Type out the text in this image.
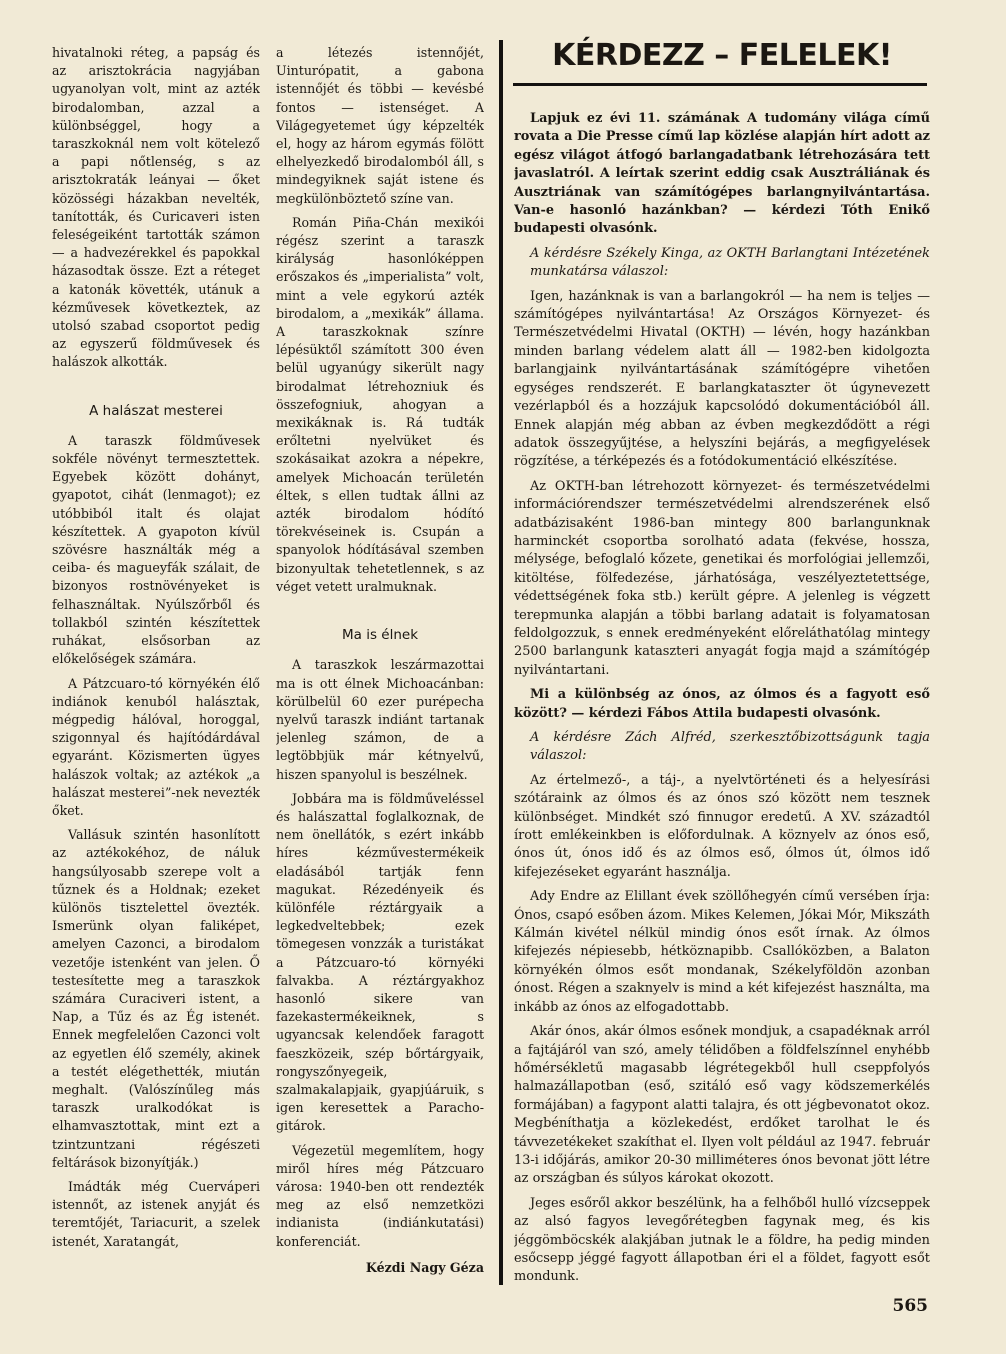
hivatalnoki réteg, a papság és az arisztokrácia nagyjában ugyanolyan volt, mint az azték birodalomban, azzal a különbséggel, hogy a taraszkoknál nem volt kötelező a papi nőtlenség, s az arisztokraták leányai — őket közösségi házakban nevelték, tanították, és Curicaveri isten feleségeiként tartották számon — a hadvezérekkel és papokkal házasodtak össze. Ezt a réteget a katonák követték, utánuk a kézművesek következtek, az utolsó szabad csoportot pedig az egyszerű földművesek és halászok alkották.

A halászat mesterei

A taraszk földművesek sokféle növényt termesztettek. Egyebek között dohányt, gyapotot, cihát (lenmagot); ez utóbbiból italt és olajat készítettek. A gyapoton kívül szövésre használták még a ceiba- és magueyfák szálait, de bizonyos rostnövényeket is felhasználtak. Nyúlszőrből és tollakból szintén készítettek ruhákat, elsősorban az előkelőségek számára.

A Pátzcuaro-tó környékén élő indiánok kenuból halásztak, mégpedig hálóval, horoggal, szigonnyal és hajítódárdával egyaránt. Közismerten ügyes halászok voltak; az aztékok „a halászat mesterei”-nek nevezték őket.

Vallásuk szintén hasonlított az aztékokéhoz, de náluk hangsúlyosabb szerepe volt a tűznek és a Holdnak; ezeket különös tisztelettel övezték. Ismerünk olyan faliképet, amelyen Cazonci, a birodalom vezetője istenként van jelen. Ő testesítette meg a taraszkok számára Curaciveri istent, a Nap, a Tűz és az Ég istenét. Ennek megfelelően Cazonci volt az egyetlen élő személy, akinek a testét elégethették, miután meghalt. (Valószínűleg más taraszk uralkodókat is elhamvasztottak, mint ezt a tzintzuntzani régészeti feltárások bizonyítják.)

Imádták még Cuerváperi istennőt, az istenek anyját és teremtőjét, Tariacurit, a szelek istenét, Xaratangát,

a létezés istennőjét, Uinturópatit, a gabona istennőjét és többi — kevésbé fontos — istenséget. A Világegyetemet úgy képzelték el, hogy az három egymás fölött elhelyezkedő birodalomból áll, s mindegyiknek saját istene és megkülönböztető színe van.

Román Piña-Chán mexikói régész szerint a taraszk királyság hasonlóképpen erőszakos és „imperialista” volt, mint a vele egykorú azték birodalom, a „mexikák” állama. A taraszkoknak színre lépésüktől számított 300 éven belül ugyanúgy sikerült nagy birodalmat létrehozniuk és összefogniuk, ahogyan a mexikáknak is. Rá tudták erőltetni nyelvüket és szokásaikat azokra a népekre, amelyek Michoacán területén éltek, s ellen tudtak állni az azték birodalom hódító törekvéseinek is. Csupán a spanyolok hódításával szemben bizonyultak tehetetlennek, s az véget vetett uralmuknak.

Ma is élnek

A taraszkok leszármazottai ma is ott élnek Michoacánban: körülbelül 60 ezer purépecha nyelvű taraszk indiánt tartanak jelenleg számon, de a legtöbbjük már kétnyelvű, hiszen spanyolul is beszélnek.

Jobbára ma is földműveléssel és halászattal foglalkoznak, de nem önellátók, s ezért inkább híres kézművestermékeik eladásából tartják fenn magukat. Rézedényeik és különféle réztárgyaik a legkedveltebbek; ezek tömegesen vonzzák a turistákat a Pátzcuaro-tó környéki falvakba. A réztárgyakhoz hasonló sikere van fazekastermékeiknek, s ugyancsak kelendőek faragott faeszközeik, szép bőrtárgyaik, rongyszőnyegeik, szalmakalapjaik, gyapjúáruik, s igen keresettek a Paracho-gitárok.

Végezetül megemlítem, hogy miről híres még Pátzcuaro városa: 1940-ben ott rendezték meg az első nemzetközi indianista (indiánkutatási) konferenciát.

Kézdi Nagy Géza
KÉRDEZZ – FELELEK!

Lapjuk ez évi 11. számának A tudomány világa című rovata a Die Presse című lap közlése alapján hírt adott az egész világot átfogó barlangadatbank létrehozására tett javaslatról. A leírtak szerint eddig csak Ausztráliának és Ausztriának van számítógépes barlangnyilvántartása. Van-e hasonló hazánkban? — kérdezi Tóth Enikő budapesti olvasónk.

A kérdésre Székely Kinga, az OKTH Barlangtani Intézetének munkatársa válaszol:

Igen, hazánknak is van a barlangokról — ha nem is teljes — számítógépes nyilvántartása! Az Országos Környezet- és Természetvédelmi Hivatal (OKTH) — lévén, hogy hazánkban minden barlang védelem alatt áll — 1982-ben kidolgozta barlangjaink nyilvántartásának számítógépre vihetően egységes rendszerét. E barlangkataszter öt úgynevezett vezérlapból és a hozzájuk kapcsolódó dokumentációból áll. Ennek alapján még abban az évben megkezdődött a régi adatok összegyűjtése, a helyszíni bejárás, a megfigyelések rögzítése, a térképezés és a fotódokumentáció elkészítése.

Az OKTH-ban létrehozott környezet- és természetvédelmi információrendszer természetvédelmi alrendszerének első adatbázisaként 1986-ban mintegy 800 barlangunknak harminckét csoportba sorolható adata (fekvése, hossza, mélysége, befoglaló kőzete, genetikai és morfológiai jellemzői, kitöltése, fölfedezése, járhatósága, veszélyeztetettsége, védettségének foka stb.) került gépre. A jelenleg is végzett terepmunka alapján a többi barlang adatait is folyamatosan feldolgozzuk, s ennek eredményeként előreláthatólag mintegy 2500 barlangunk kataszteri anyagát fogja majd a számítógép nyilvántartani.

Mi a különbség az ónos, az ólmos és a fagyott eső között? — kérdezi Fábos Attila budapesti olvasónk.

A kérdésre Zách Alfréd, szerkesztőbizottságunk tagja válaszol:

Az értelmező-, a táj-, a nyelvtörténeti és a helyesírási szótáraink az ólmos és az ónos szó között nem tesznek különbséget. Mindkét szó finnugor eredetű. A XV. századtól írott emlékeinkben is előfordulnak. A köznyelv az ónos eső, ónos út, ónos idő és az ólmos eső, ólmos út, ólmos idő kifejezéseket egyaránt használja.

Ady Endre az Elillant évek szöllőhegyén című versében írja: Ónos, csapó esőben ázom. Mikes Kelemen, Jókai Mór, Mikszáth Kálmán kivétel nélkül mindig ónos esőt írnak. Az ólmos kifejezés népiesebb, hétköznapibb. Csallóközben, a Balaton környékén ólmos esőt mondanak, Székelyföldön azonban ónost. Régen a szaknyelv is mind a két kifejezést használta, ma inkább az ónos az elfogadottabb.

Akár ónos, akár ólmos esőnek mondjuk, a csapadéknak arról a fajtájáról van szó, amely télidőben a földfelszínnel enyhébb hőmérsékletű magasabb légrétegekből hull cseppfolyós halmazállapotban (eső, szitáló eső vagy ködszemerkélés formájában) a fagypont alatti talajra, és ott jégbevonatot okoz. Megbéníthatja a közlekedést, erdőket tarolhat le és távvezetékeket szakíthat el. Ilyen volt például az 1947. február 13-i időjárás, amikor 20-30 milliméteres ónos bevonat jött létre az országban és súlyos károkat okozott.

Jeges esőről akkor beszélünk, ha a felhőből hulló vízcseppek az alsó fagyos levegőrétegben fagynak meg, és kis jéggömböcskék alakjában jutnak le a földre, ha pedig minden esőcsepp jéggé fagyott állapotban éri el a földet, fagyott esőt mondunk.

565
